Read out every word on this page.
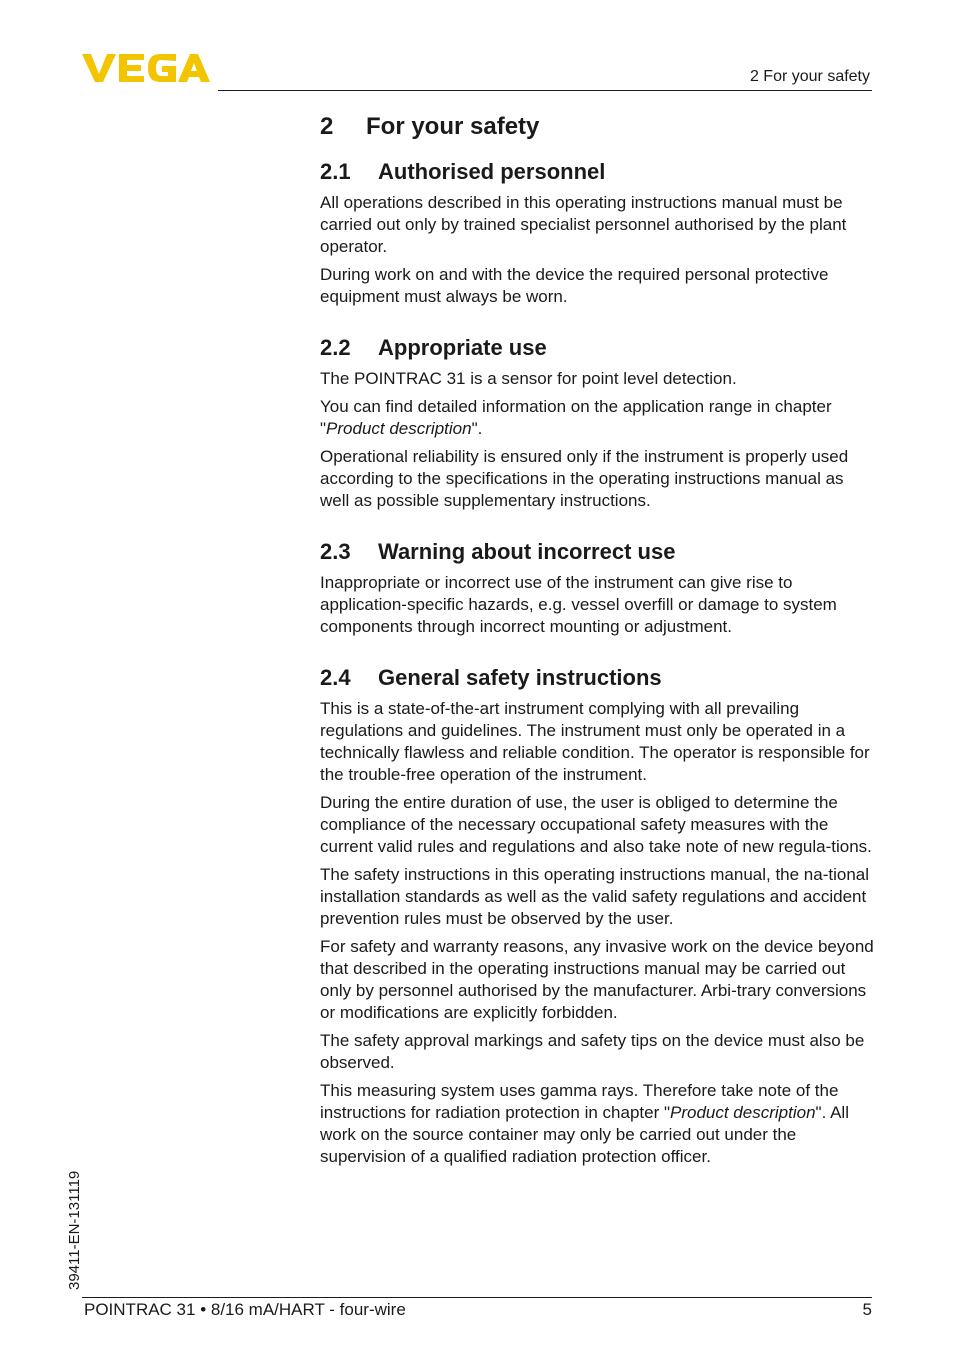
2 For your safety
2	For your safety
2.1	Authorised personnel

All operations described in this operating instructions manual must be carried out only by trained specialist personnel authorised by the plant operator.

During work on and with the device the required personal protective equipment must always be worn.

2.2	Appropriate use

The POINTRAC 31 is a sensor for point level detection.

You can find detailed information on the application range in chapter "Product description".

Operational reliability is ensured only if the instrument is properly used according to the specifications in the operating instructions manual as well as possible supplementary instructions.

2.3	Warning about incorrect use

Inappropriate or incorrect use of the instrument can give rise to application-specific hazards, e.g. vessel overfill or damage to system components through incorrect mounting or adjustment.

2.4	General safety instructions

This is a state-of-the-art instrument complying with all prevailing regulations and guidelines. The instrument must only be operated in a technically flawless and reliable condition. The operator is responsible for the trouble-free operation of the instrument.

During the entire duration of use, the user is obliged to determine the compliance of the necessary occupational safety measures with the current valid rules and regulations and also take note of new regula-tions.

The safety instructions in this operating instructions manual, the na-tional installation standards as well as the valid safety regulations and accident prevention rules must be observed by the user.

For safety and warranty reasons, any invasive work on the device beyond that described in the operating instructions manual may be carried out only by personnel authorised by the manufacturer. Arbi-trary conversions or modifications are explicitly forbidden.

The safety approval markings and safety tips on the device must also be observed.

This measuring system uses gamma rays. Therefore take note of the instructions for radiation protection in chapter "Product description". All work on the source container may only be carried out under the supervision of a qualified radiation protection officer.

39411-EN-131119
POINTRAC 31 • 8/16 mA/HART - four-wire	5
